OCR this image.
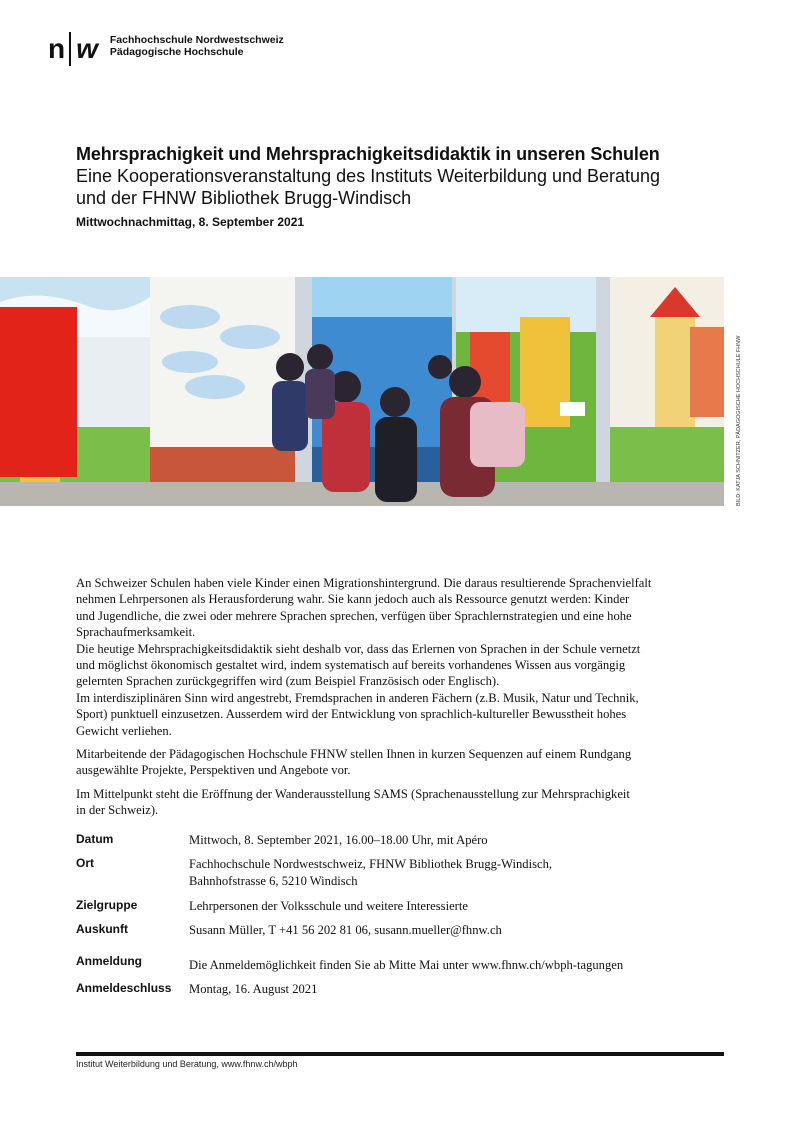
n w Fachhochschule Nordwestschweiz
Pädagogische Hochschule
Mehrsprachigkeit und Mehrsprachigkeitsdidaktik in unseren Schulen
Eine Kooperationsveranstaltung des Instituts Weiterbildung und Beratung
und der FHNW Bibliothek Brugg-Windisch
Mittwochnachmittag, 8. September 2021
BILD: KATJA SCHNITZER, PÄDAGOGISCHE HOCHSCHULE FHNW

An Schweizer Schulen haben viele Kinder einen Migrationshintergrund. Die daraus resultierende Sprachenvielfalt
nehmen Lehrpersonen als Herausforderung wahr. Sie kann jedoch auch als Ressource genutzt werden: Kinder
und Jugendliche, die zwei oder mehrere Sprachen sprechen, verfügen über Sprachlernstrategien und eine hohe
Sprachaufmerksamkeit.
Die heutige Mehrsprachigkeitsdidaktik sieht deshalb vor, dass das Erlernen von Sprachen in der Schule vernetzt
und möglichst ökonomisch gestaltet wird, indem systematisch auf bereits vorhandenes Wissen aus vorgängig
gelernten Sprachen zurückgegriffen wird (zum Beispiel Französisch oder Englisch).
Im interdisziplinären Sinn wird angestrebt, Fremdsprachen in anderen Fächern (z.B. Musik, Natur und Technik,
Sport) punktuell einzusetzen. Ausserdem wird der Entwicklung von sprachlich-kultureller Bewusstheit hohes
Gewicht verliehen.

Mitarbeitende der Pädagogischen Hochschule FHNW stellen Ihnen in kurzen Sequenzen auf einem Rundgang
ausgewählte Projekte, Perspektiven und Angebote vor.

Im Mittelpunkt steht die Eröffnung der Wanderausstellung SAMS (Sprachenausstellung zur Mehrsprachigkeit
in der Schweiz).

Datum	Mittwoch, 8. September 2021, 16.00–18.00 Uhr, mit Apéro
Ort	Fachhochschule Nordwestschweiz, FHNW Bibliothek Brugg-Windisch,
Bahnhofstrasse 6, 5210 Windisch
Zielgruppe	Lehrpersonen der Volksschule und weitere Interessierte
Auskunft	Susann Müller, T +41 56 202 81 06, susann.mueller@fhnw.ch
Anmeldung	Die Anmeldemöglichkeit finden Sie ab Mitte Mai unter www.fhnw.ch/wbph-tagungen
Anmeldeschluss	Montag, 16. August 2021
Institut Weiterbildung und Beratung, www.fhnw.ch/wbph
